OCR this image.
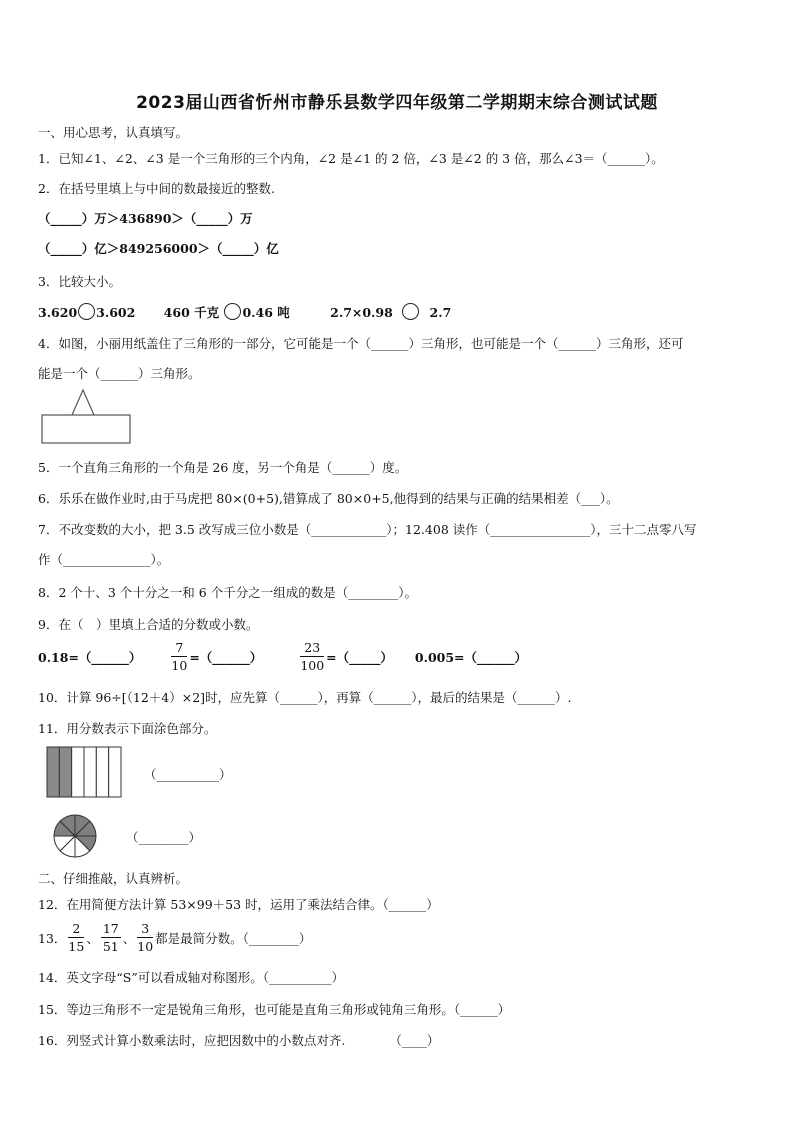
2023届山西省忻州市静乐县数学四年级第二学期期末综合测试试题
一、用心思考，认真填写。
1．已知∠1、∠2、∠3 是一个三角形的三个内角，∠2 是∠1 的 2 倍，∠3 是∠2 的 3 倍，那么∠3＝（______）。
2．在括号里填上与中间的数最接近的整数.
（_____）万＞436890＞（_____）万
（_____）亿＞849256000＞（_____）亿
3．比较大小。
3.620 3.602 460 千克 0.46 吨	2.7×0.98	2.7
4．如图，小丽用纸盖住了三角形的一部分，它可能是一个（______）三角形，也可能是一个（______）三角形，还可
能是一个（______）三角形。
5．一个直角三角形的一个角是 26 度，另一个角是（______）度。
6．乐乐在做作业时,由于马虎把 80×(0+5),错算成了 80×0+5,他得到的结果与正确的结果相差（___）。
7．不改变数的大小，把 3.5 改写成三位小数是（____________）；12.408 读作（________________），三十二点零八写
作（______________）。
8．2 个十、3 个十分之一和 6 个千分之一组成的数是（________）。
9．在（　）里填上合适的分数或小数。
0.18=（______） $\frac{7}{10}$ =（______）	$\frac{23}{100}$ =（_____） 0.005=（______）
10．计算 96÷[（12＋4）×2]时，应先算（______），再算（______），最后的结果是（______）.
11．用分数表示下面涂色部分。
（__________）
（________）
二、仔细推敲，认真辨析。
12．在用简便方法计算 53×99＋53 时，运用了乘法结合律。（______）
13． $\frac{2}{15}$ 、 $\frac{17}{51}$ 、 $\frac{3}{10}$ 都是最简分数。（________）
14．英文字母“S”可以看成轴对称图形。（__________）
15．等边三角形不一定是锐角三角形，也可能是直角三角形或钝角三角形。（______）
16．列竖式计算小数乘法时，应把因数中的小数点对齐.	（____）
